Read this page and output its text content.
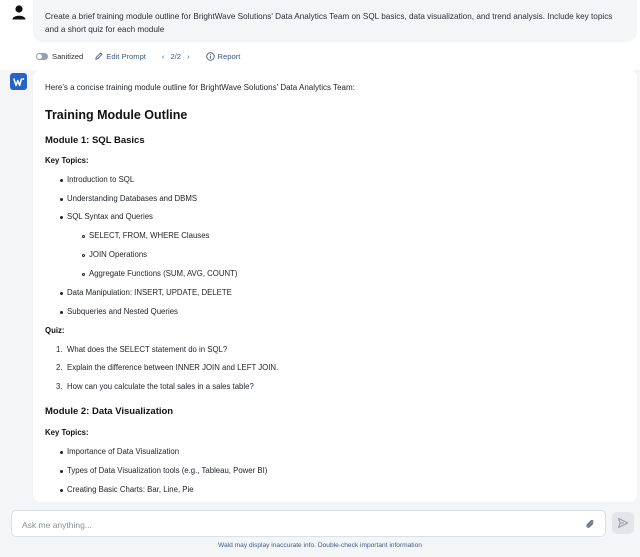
Create a brief training module outline for BrightWave Solutions' Data Analytics Team on SQL basics, data visualization, and trend analysis. Include key topics and a short quiz for each module
Sanitized	Edit Prompt ‹ 2/2 ›	Report
Here's a concise training module outline for BrightWave Solutions' Data Analytics Team:
Training Module Outline
Module 1: SQL Basics
Key Topics:
Introduction to SQL
Understanding Databases and DBMS
SQL Syntax and Queries
SELECT, FROM, WHERE Clauses
JOIN Operations
Aggregate Functions (SUM, AVG, COUNT)
Data Manipulation: INSERT, UPDATE, DELETE
Subqueries and Nested Queries
Quiz:
1. What does the SELECT statement do in SQL?
2. Explain the difference between INNER JOIN and LEFT JOIN.
3. How can you calculate the total sales in a sales table?
Module 2: Data Visualization
Key Topics:
Importance of Data Visualization
Types of Data Visualization tools (e.g., Tableau, Power BI)
Creating Basic Charts: Bar, Line, Pie
Ask me anything...
Wald may display inaccurate info. Double-check important information
